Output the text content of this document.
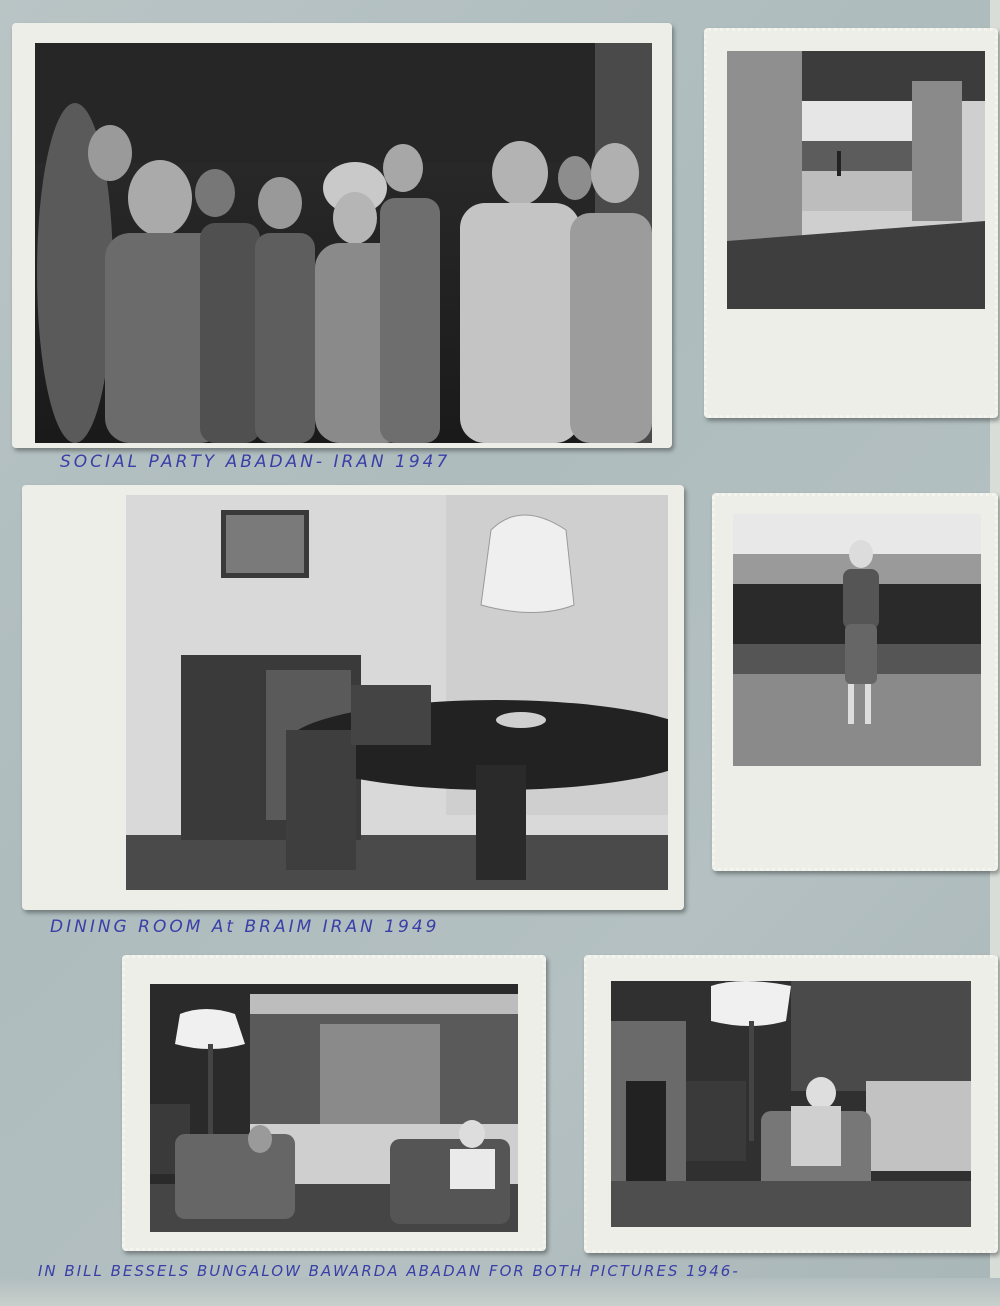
SOCIAL PARTY ABADAN- IRAN 1947
DINING ROOM At BRAIM IRAN 1949
IN BILL BESSELS BUNGALOW BAWARDA ABADAN FOR BOTH PICTURES 1946-
